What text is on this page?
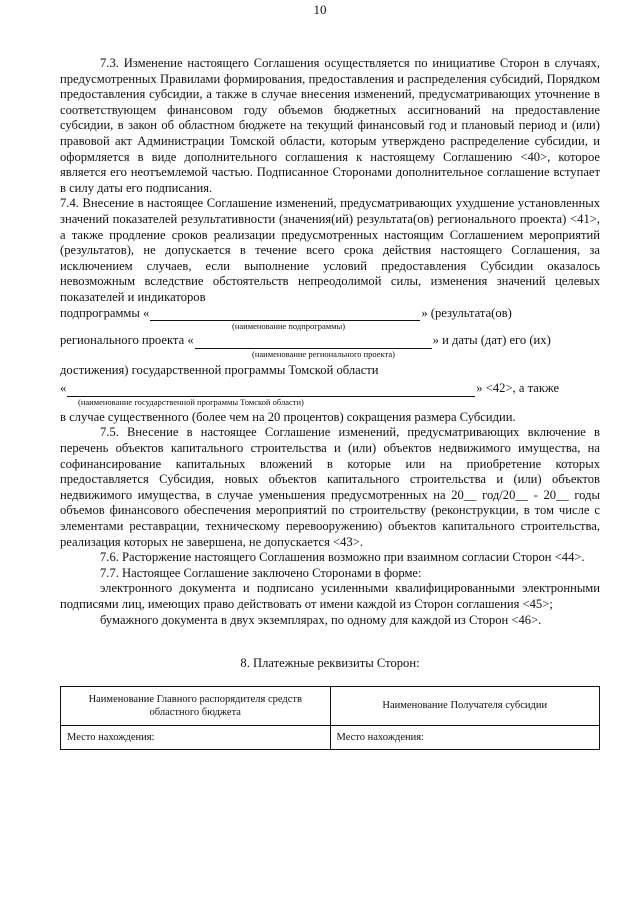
10

7.3. Изменение настоящего Соглашения осуществляется по инициативе Сторон в случаях, предусмотренных Правилами формирования, предоставления и распределения субсидий, Порядком предоставления субсидии, а также в случае внесения изменений, предусматривающих уточнение в соответствующем финансовом году объемов бюджетных ассигнований на предоставление субсидии, в закон об областном бюджете на текущий финансовый год и плановый период и (или) правовой акт Администрации Томской области, которым утверждено распределение субсидии, и оформляется в виде дополнительного соглашения к настоящему Соглашению <40>, которое является его неотъемлемой частью. Подписанное Сторонами дополнительное соглашение вступает в силу даты его подписания.

7.4. Внесение в настоящее Соглашение изменений, предусматривающих ухудшение установленных значений показателей результативности (значения(ий) результата(ов) регионального проекта) <41>, а также продление сроков реализации предусмотренных настоящим Соглашением мероприятий (результатов), не допускается в течение всего срока действия настоящего Соглашения, за исключением случаев, если выполнение условий предоставления Субсидии оказалось невозможным вследствие обстоятельств непреодолимой силы, изменения значений целевых показателей и индикаторов

подпрограммы «	» (результата(ов)
(наименование подпрограммы)
регионального проекта «	» и даты (дат) его (их)
(наименование регионального проекта)

достижения) государственной программы Томской области

«	» <42>, а также
(наименование государственной программы Томской области)

в случае существенного (более чем на 20 процентов) сокращения размера Субсидии.

7.5. Внесение в настоящее Соглашение изменений, предусматривающих включение в перечень объектов капитального строительства и (или) объектов недвижимого имущества, на софинансирование капитальных вложений в которые или на приобретение которых предоставляется Субсидия, новых объектов капитального строительства и (или) объектов недвижимого имущества, в случае уменьшения предусмотренных на 20__ год/20__ - 20__ годы объемов финансового обеспечения мероприятий по строительству (реконструкции, в том числе с элементами реставрации, техническому перевооружению) объектов капитального строительства, реализация которых не завершена, не допускается <43>.

7.6. Расторжение настоящего Соглашения возможно при взаимном согласии Сторон <44>.

7.7. Настоящее Соглашение заключено Сторонами в форме:

электронного документа и подписано усиленными квалифицированными электронными подписями лиц, имеющих право действовать от имени каждой из Сторон соглашения <45>;

бумажного документа в двух экземплярах, по одному для каждой из Сторон <46>.

8. Платежные реквизиты Сторон:

Наименование Главного распорядителя средств областного бюджета	Наименование Получателя субсидии
Место нахождения:	Место нахождения:
